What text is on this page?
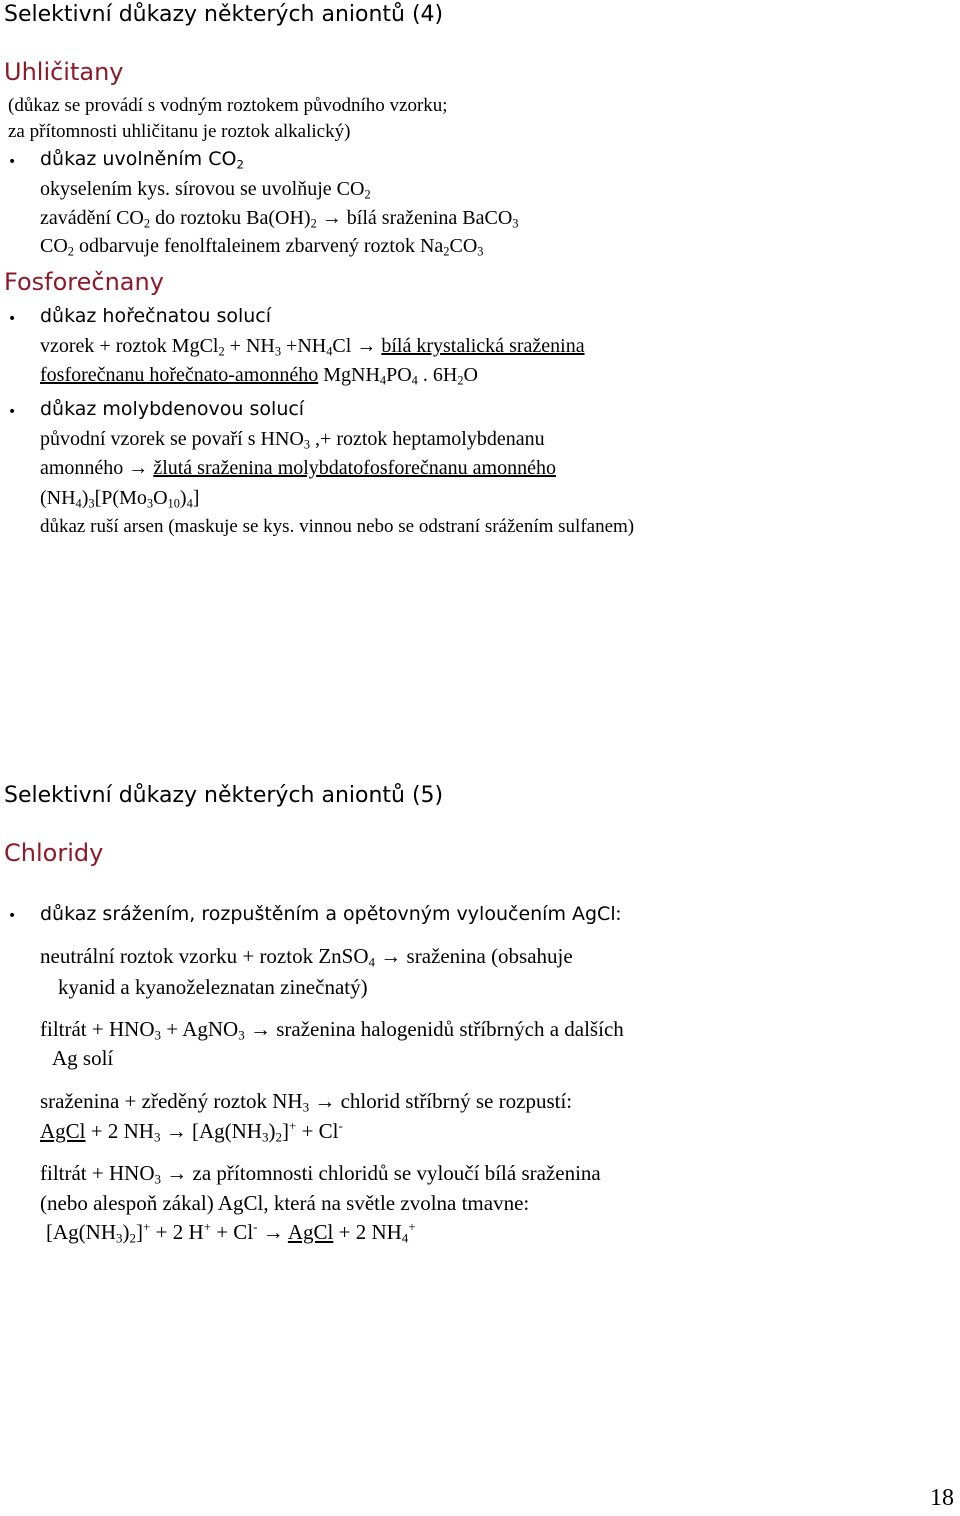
Selektivní důkazy některých aniontů (4)
Uhličitany
(důkaz se provádí s vodným roztokem původního vzorku;
za přítomnosti uhličitanu je roztok alkalický)
• důkaz uvolněním $CO_2$
okyselením kys. sírovou se uvolňuje $CO_2$
zavádění $CO_2$ do roztoku $Ba(OH)_2$ → bílá sraženina BaCO$_3$
$CO_2$ odbarvuje fenolftaleinem zbarvený roztok $Na_2CO_3$
Fosforečnany
• důkaz hořečnatou solucí
vzorek + roztok MgCl$_2$ + $NH_3 +NH_4Cl$ → bílá krystalická sraženina
fosforečnanu hořečnato-amonného $MgNH_4PO_4$ . $6H_2O$
• důkaz molybdenovou solucí
původní vzorek se povaří s $HNO_3$ ,+ roztok heptamolybdenanu
amonného → žlutá sraženina molybdatofosforečnanu amonného
$(NH_4)_3[P(Mo_3O_{10})_4]$
důkaz ruší arsen (maskuje se kys. vinnou nebo se odstraní srážením sulfanem)
Selektivní důkazy některých aniontů (5)
Chloridy
• důkaz srážením, rozpuštěním a opětovným vyloučením AgCl:
neutrální roztok vzorku + roztok ZnSO$_4$ → sraženina (obsahuje
kyanid a kyanoželeznatan zinečnatý)
filtrát + $HNO_3$ + AgNO$_3$ → sraženina halogenidů stříbrných a dalších
Ag solí
sraženina + zředěný roztok $NH_3$ → chlorid stříbrný se rozpustí:
AgCl + 2 $NH_3 \to [Ag(NH_3)_2]^+ + Cl^-$
filtrát + $HNO_3$ → za přítomnosti chloridů se vyloučí bílá sraženina
(nebo alespoň zákal) AgCl, která na světle zvolna tmavne:
$[Ag(NH_3)_2]^+ + 2$ H+ + Cl- → AgCl + 2 $NH_4^+$
18
